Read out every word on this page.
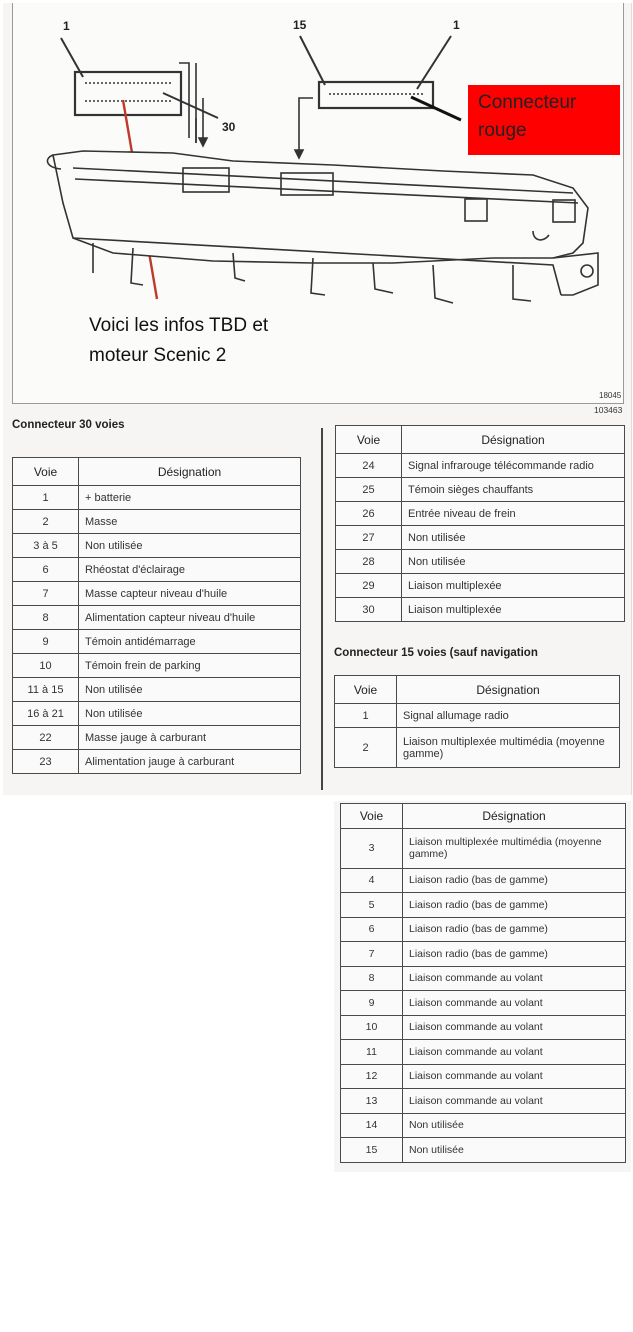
1
30
15	1
Connecteur rouge
Voici les infos TBD et moteur Scenic 2
18045
103463
Connecteur 30 voies
Voie	Désignation
1	+ batterie
2	Masse
3 à 5	Non utilisée
6	Rhéostat d'éclairage
7	Masse capteur niveau d'huile
8	Alimentation capteur niveau d'huile
9	Témoin antidémarrage
10	Témoin frein de parking
11 à 15	Non utilisée
16 à 21	Non utilisée
22	Masse jauge à carburant
23	Alimentation jauge à carburant
Voie	Désignation
24	Signal infrarouge télécommande radio
25	Témoin sièges chauffants
26	Entrée niveau de frein
27	Non utilisée
28	Non utilisée
29	Liaison multiplexée
30	Liaison multiplexée
Connecteur 15 voies (sauf navigation
Voie	Désignation
1	Signal allumage radio
2	Liaison multiplexée multimédia (moyenne gamme)
Voie	Désignation
3	Liaison multiplexée multimédia (moyenne gamme)
4	Liaison radio (bas de gamme)
5	Liaison radio (bas de gamme)
6	Liaison radio (bas de gamme)
7	Liaison radio (bas de gamme)
8	Liaison commande au volant
9	Liaison commande au volant
10	Liaison commande au volant
11	Liaison commande au volant
12	Liaison commande au volant
13	Liaison commande au volant
14	Non utilisée
15	Non utilisée
